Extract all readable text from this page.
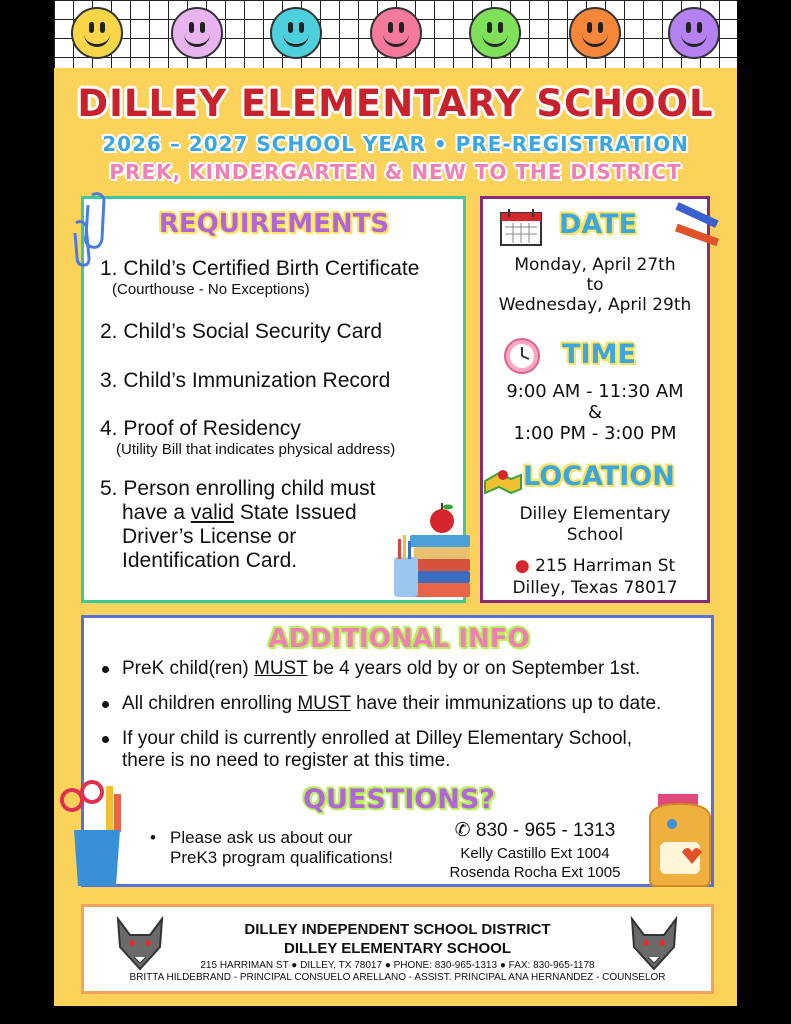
DILLEY ELEMENTARY SCHOOL
2026 – 2027 SCHOOL YEAR • PRE-REGISTRATION
PREK, KINDERGARTEN & NEW TO THE DISTRICT
REQUIREMENTS
1. Child’s Certified Birth Certificate
(Courthouse - No Exceptions)
2. Child’s Social Security Card
3. Child’s Immunization Record
4. Proof of Residency
(Utility Bill that indicates physical address)
5. Person enrolling child must
have a valid State Issued
Driver’s License or
Identification Card.
DATE
Monday, April 27th
to
Wednesday, April 29th
TIME
9:00 AM - 11:30 AM
&
1:00 PM - 3:00 PM
LOCATION
Dilley Elementary
School
● 215 Harriman St
Dilley, Texas 78017
ADDITIONAL INFO
PreK child(ren) MUST be 4 years old by or on September 1st.
All children enrolling MUST have their immunizations up to date.
If your child is currently enrolled at Dilley Elementary School,
there is no need to register at this time.
QUESTIONS?
• Please ask us about our
PreK3 program qualifications!
✆ 830 - 965 - 1313
Kelly Castillo Ext 1004
Rosenda Rocha Ext 1005
DILLEY INDEPENDENT SCHOOL DISTRICT
DILLEY ELEMENTARY SCHOOL
215 HARRIMAN ST ● DILLEY, TX 78017 ● PHONE: 830-965-1313 ● FAX: 830-965-1178
BRITTA HILDEBRAND - PRINCIPAL CONSUELO ARELLANO - ASSIST. PRINCIPAL ANA HERNANDEZ - COUNSELOR
